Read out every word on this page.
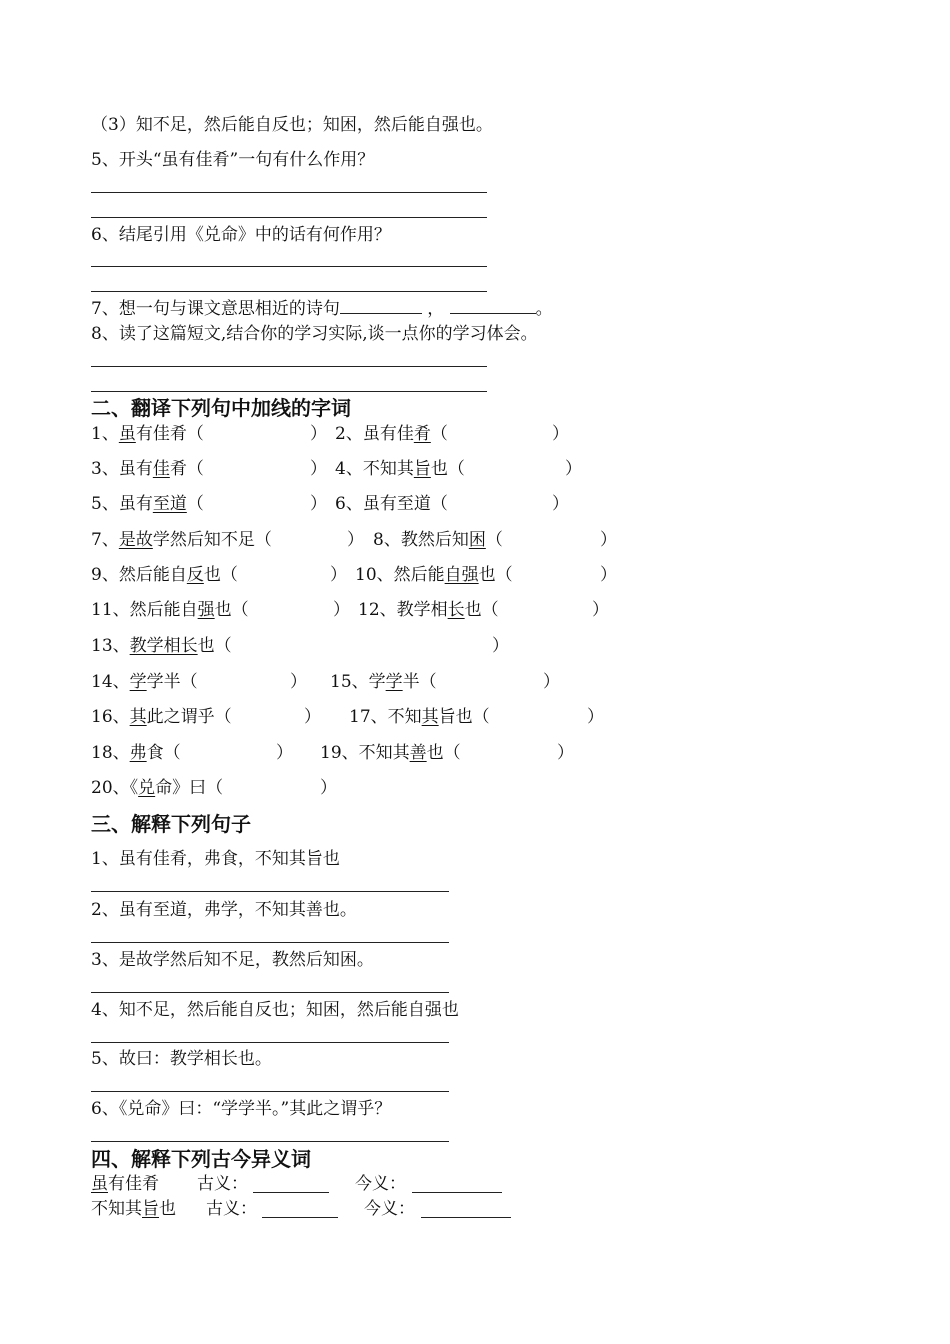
（3）知不足，然后能自反也；知困，然后能自强也。
5、开头“虽有佳肴”一句有什么作用？
6、结尾引用《兑命》中的话有何作用？
7、想一句与课文意思相近的诗句	，	。
8、读了这篇短文,结合你的学习实际,谈一点你的学习体会。
二、翻译下列句中加线的字词
1、虽有佳肴（	） 2、虽有佳肴（	）
3、虽有佳肴（	） 4、不知其旨也（	）
5、虽有至道（	） 6、虽有至道（	）
7、是故学然后知不足（	） 8、教然后知困（	）
9、然后能自反也（	） 10、然后能自强也（	）
11、然后能自强也（	） 12、教学相长也（	）
13、教学相长也（	）
14、学学半（	） 15、学学半（	）
16、其此之谓乎（	） 17、不知其旨也（	）
18、弗食（	） 19、不知其善也（	）
20、《兑命》曰（	）
三、解释下列句子
1、虽有佳肴，弗食，不知其旨也
2、虽有至道，弗学，不知其善也。
3、是故学然后知不足，教然后知困。
4、知不足，然后能自反也；知困，然后能自强也
5、故曰：教学相长也。
6、《兑命》曰：“学学半。”其此之谓乎？
四、解释下列古今异义词
虽有佳肴 古义：	今义：
不知其旨也 古义：	今义：
